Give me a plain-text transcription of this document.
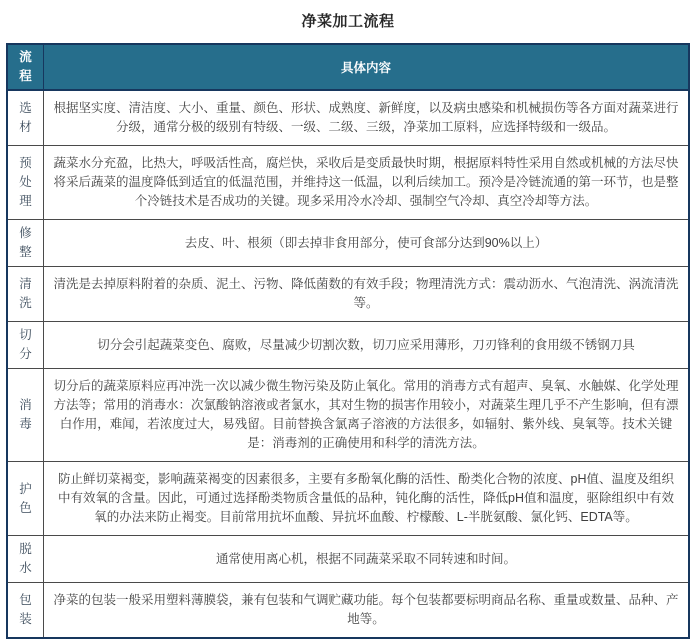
净菜加工流程
流程
具体内容
选材
根据坚实度、清洁度、大小、重量、颜色、形状、成熟度、新鲜度，以及病虫感染和机械损伤等各方面对蔬菜进行分级，通常分极的级别有特级、一级、二级、三级，净菜加工原料，应选择特级和一级品。
预处理
蔬菜水分充盈，比热大，呼吸活性高，腐烂快，采收后是变质最快时期，根据原料特性采用自然或机械的方法尽快将采后蔬菜的温度降低到适宜的低温范围，并维持这一低温，以利后续加工。预冷是冷链流通的第一环节，也是整个冷链技术是否成功的关键。现多采用冷水冷却、强制空气冷却、真空冷却等方法。
修整
去皮、叶、根须（即去掉非食用部分，使可食部分达到90%以上）
清洗
清洗是去掉原料附着的杂质、泥土、污物、降低菌数的有效手段；物理清洗方式：震动沥水、气泡清洗、涡流清洗等。
切分
切分会引起蔬菜变色、腐败，尽量减少切割次数，切刀应采用薄形，刀刃锋利的食用级不锈钢刀具
消毒
切分后的蔬菜原料应再冲洗一次以减少微生物污染及防止氧化。常用的消毒方式有超声、臭氧、水触媒、化学处理方法等；常用的消毒水：次氯酸钠溶液或者氯水，其对生物的损害作用较小，对蔬菜生理几乎不产生影响，但有漂白作用，难闻，若浓度过大，易残留。目前替换含氯离子溶液的方法很多，如辐射、紫外线、臭氧等。技术关键是：消毒剂的正确使用和科学的清洗方法。
护色
防止鲜切菜褐变，影响蔬菜褐变的因素很多，主要有多酚氧化酶的活性、酚类化合物的浓度、pH值、温度及组织中有效氧的含量。因此，可通过选择酚类物质含量低的品种，钝化酶的活性，降低pH值和温度，驱除组织中有效氧的办法来防止褐变。目前常用抗坏血酸、异抗坏血酸、柠檬酸、L-半胱氨酸、氯化钙、EDTA等。
脱水
通常使用离心机，根据不同蔬菜采取不同转速和时间。
包装
净菜的包装一般采用塑料薄膜袋，兼有包装和气调贮藏功能。每个包装都要标明商品名称、重量或数量、品种、产地等。
